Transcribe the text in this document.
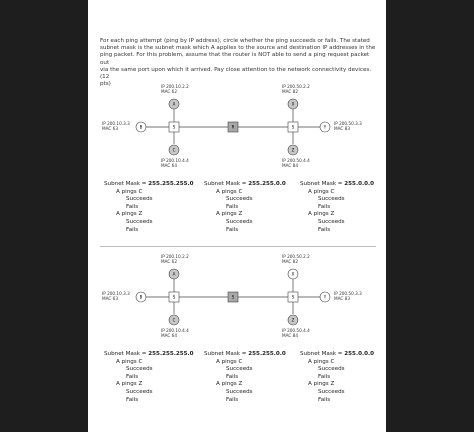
For each ping attempt (ping by IP address), circle whether the ping succeeds or fails. The stated
subnet mask is the subnet mask which A applies to the source and destination IP addresses in the
ping packet. For this problem, assume that the router is NOT able to send a ping request packet out
via the same port upon which it arrived. Pay close attention to the network connectivity devices. (12
pts)
A
B
C
S	R	S
X
Y
Z
IP 200.10.2.2
MAC 62
IP 200.10.3.3
MAC 63
IP 200.10.4.4
MAC 64
IP 200.50.2.2
MAC 82
IP 200.50.3.3
MAC 83
IP 200.50.4.4
MAC 84
Subnet Mask = 255.255.255.0
A pings C
Succeeds
Fails
A pings Z
Succeeds
Fails
Subnet Mask = 255.255.0.0
A pings C
Succeeds
Fails
A pings Z
Succeeds
Fails
Subnet Mask = 255.0.0.0
A pings C
Succeeds
Fails
A pings Z
Succeeds
Fails
A
B
C
S	S	S
X
Y
Z
IP 200.10.2.2
MAC 62
IP 200.10.3.3
MAC 63
IP 200.10.4.4
MAC 64
IP 200.50.2.2
MAC 82
IP 200.50.3.3
MAC 83
IP 200.50.4.4
MAC 84
Subnet Mask = 255.255.255.0
A pings C
Succeeds
Fails
A pings Z
Succeeds
Fails
Subnet Mask = 255.255.0.0
A pings C
Succeeds
Fails
A pings Z
Succeeds
Fails
Subnet Mask = 255.0.0.0
A pings C
Succeeds
Fails
A pings Z
Succeeds
Fails
